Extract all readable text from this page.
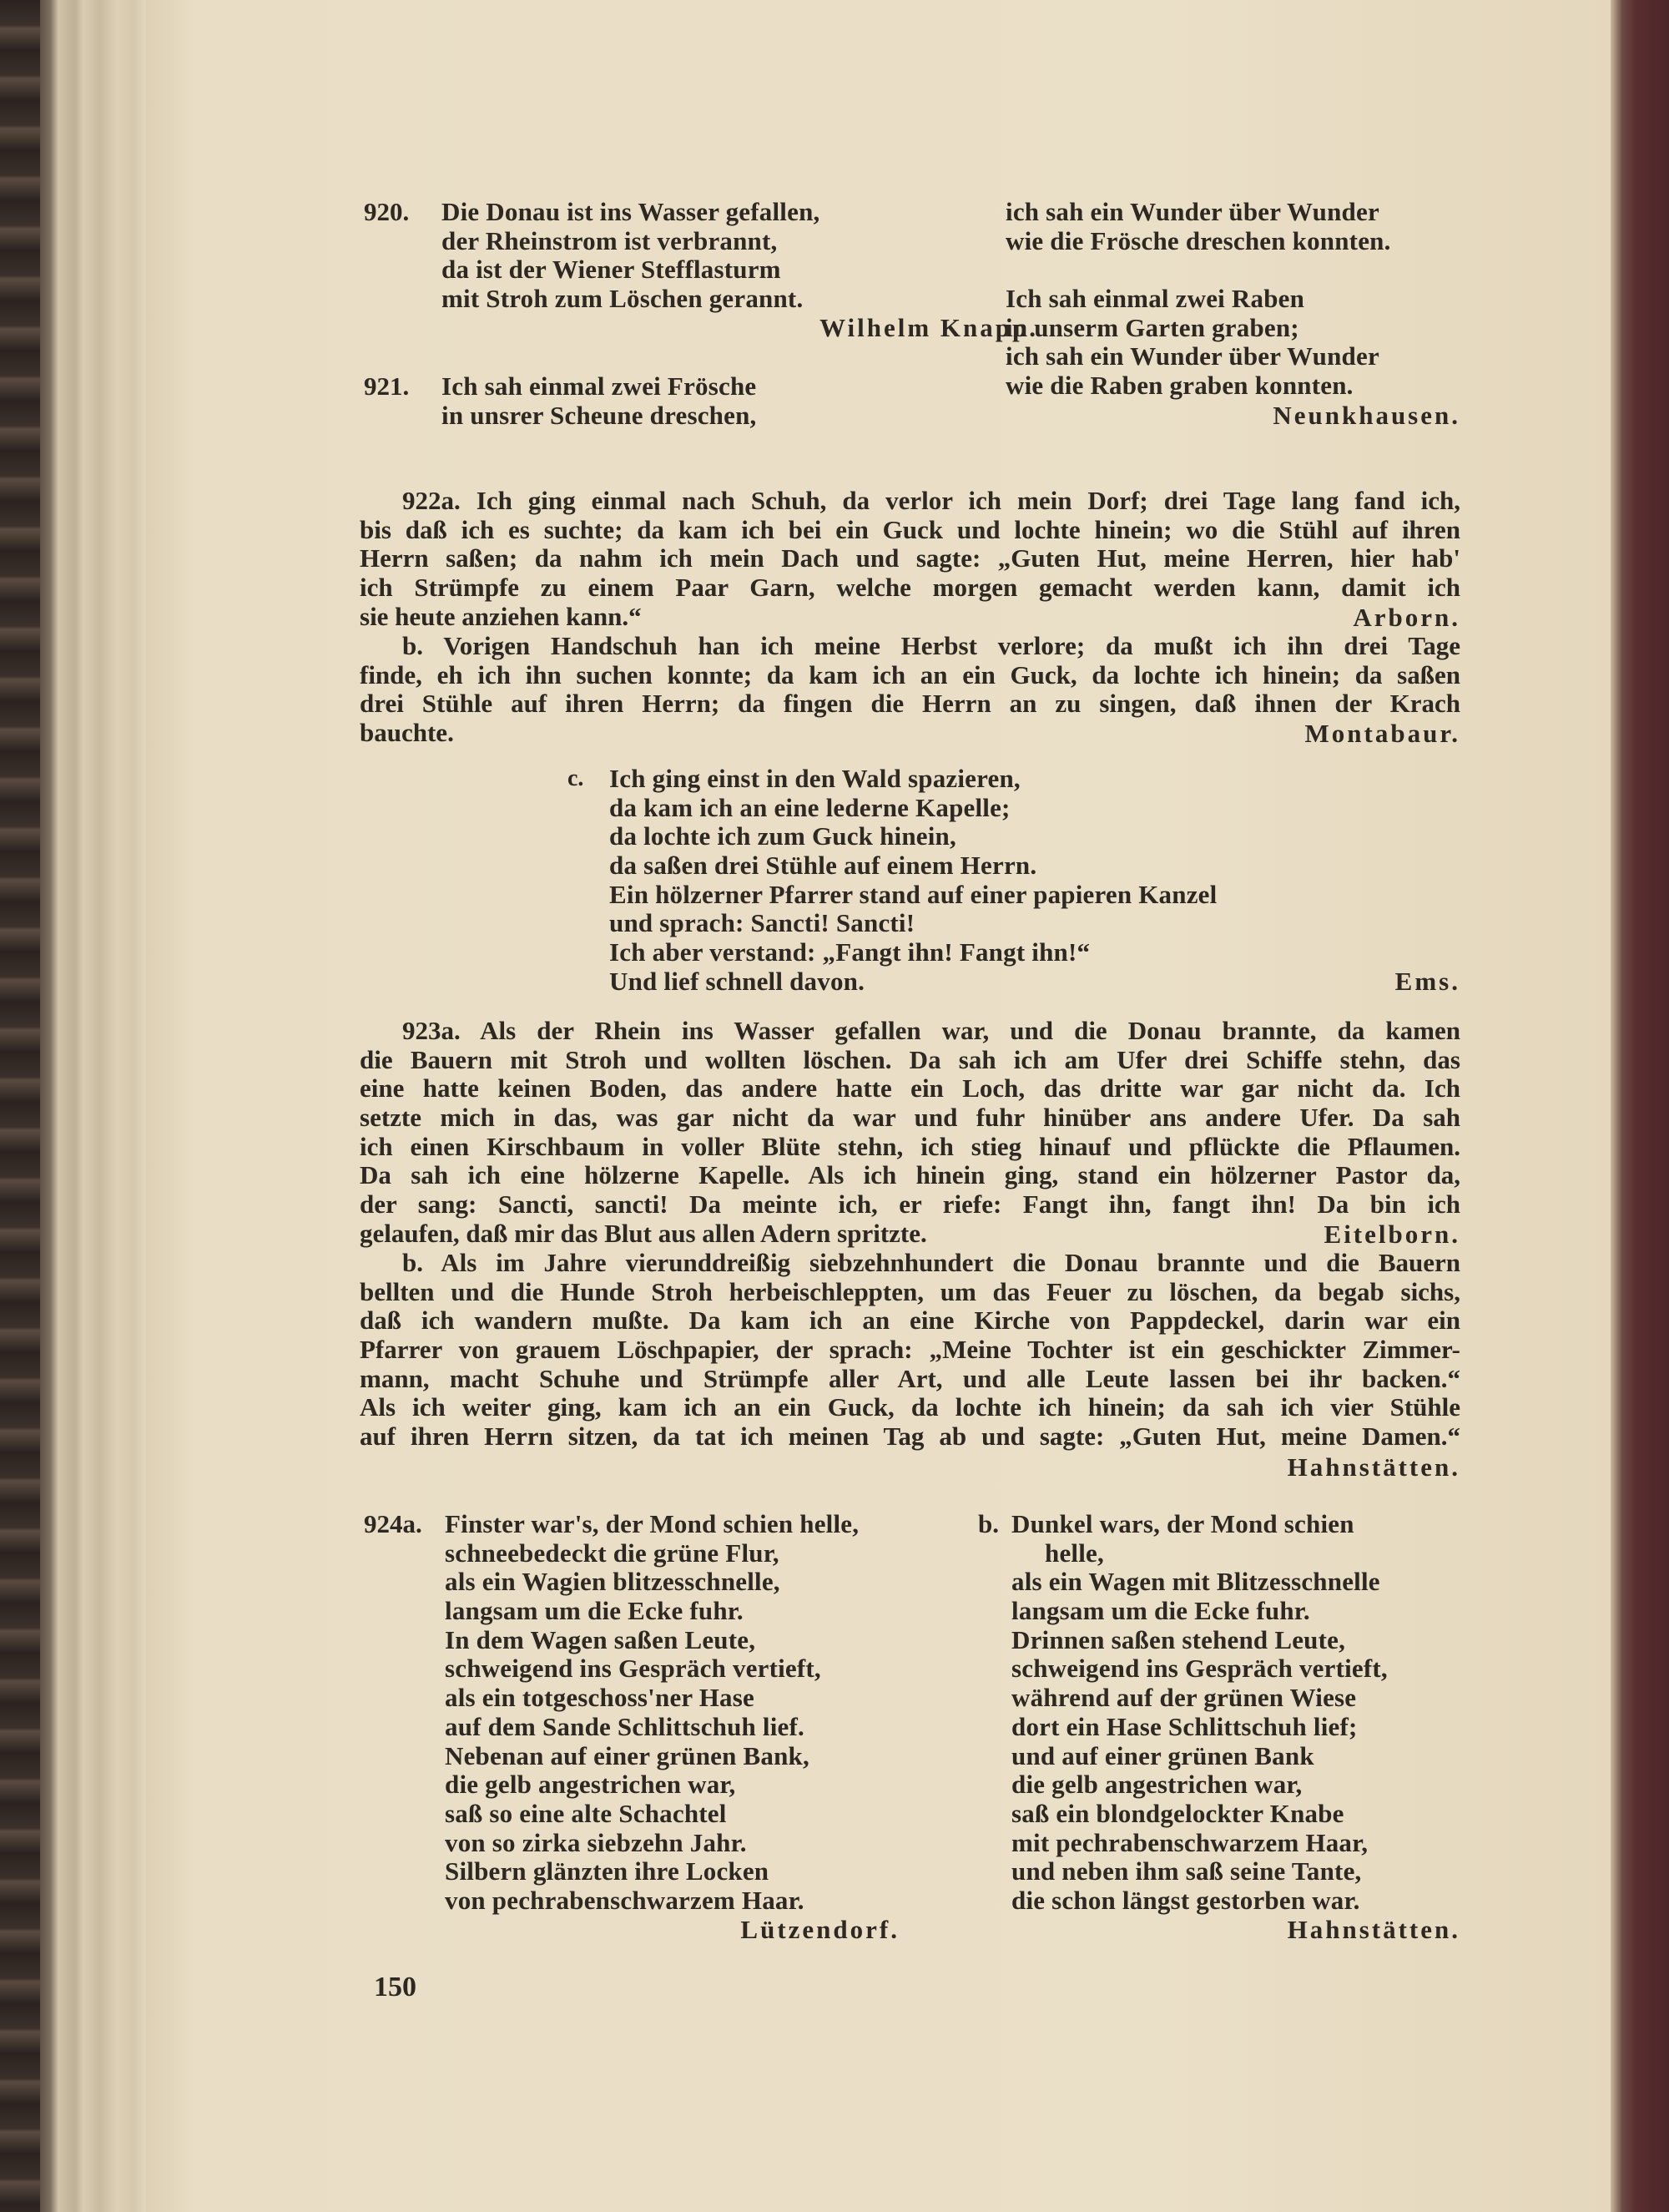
920. Die Donau ist ins Wasser gefallen,
der Rheinstrom ist verbrannt,
da ist der Wiener Stefflasturm
mit Stroh zum Löschen gerannt.
Wilhelm Knapp.
921. Ich sah einmal zwei Frösche
in unsrer Scheune dreschen,
ich sah ein Wunder über Wunder
wie die Frösche dreschen konnten.

Ich sah einmal zwei Raben
in unserm Garten graben;
ich sah ein Wunder über Wunder
wie die Raben graben konnten.
Neunkhausen.
922a. Ich ging einmal nach Schuh, da verlor ich mein Dorf; drei Tage lang fand ich,
bis daß ich es suchte; da kam ich bei ein Guck und lochte hinein; wo die Stühl auf ihren
Herrn saßen; da nahm ich mein Dach und sagte: „Guten Hut, meine Herren, hier hab'
ich Strümpfe zu einem Paar Garn, welche morgen gemacht werden kann, damit ich
sie heute anziehen kann.“	Arborn.
b. Vorigen Handschuh han ich meine Herbst verlore; da mußt ich ihn drei Tage
finde, eh ich ihn suchen konnte; da kam ich an ein Guck, da lochte ich hinein; da saßen
drei Stühle auf ihren Herrn; da fingen die Herrn an zu singen, daß ihnen der Krach
bauchte.	Montabaur.
c. Ich ging einst in den Wald spazieren,
da kam ich an eine lederne Kapelle;
da lochte ich zum Guck hinein,
da saßen drei Stühle auf einem Herrn.
Ein hölzerner Pfarrer stand auf einer papieren Kanzel
und sprach: Sancti! Sancti!
Ich aber verstand: „Fangt ihn! Fangt ihn!“
Und lief schnell davon.	Ems.
923a. Als der Rhein ins Wasser gefallen war, und die Donau brannte, da kamen
die Bauern mit Stroh und wollten löschen. Da sah ich am Ufer drei Schiffe stehn, das
eine hatte keinen Boden, das andere hatte ein Loch, das dritte war gar nicht da. Ich
setzte mich in das, was gar nicht da war und fuhr hinüber ans andere Ufer. Da sah
ich einen Kirschbaum in voller Blüte stehn, ich stieg hinauf und pflückte die Pflaumen.
Da sah ich eine hölzerne Kapelle. Als ich hinein ging, stand ein hölzerner Pastor da,
der sang: Sancti, sancti! Da meinte ich, er riefe: Fangt ihn, fangt ihn! Da bin ich
gelaufen, daß mir das Blut aus allen Adern spritzte.	Eitelborn.
b. Als im Jahre vierunddreißig siebzehnhundert die Donau brannte und die Bauern
bellten und die Hunde Stroh herbeischleppten, um das Feuer zu löschen, da begab sichs,
daß ich wandern mußte. Da kam ich an eine Kirche von Pappdeckel, darin war ein
Pfarrer von grauem Löschpapier, der sprach: „Meine Tochter ist ein geschickter Zimmer-
mann, macht Schuhe und Strümpfe aller Art, und alle Leute lassen bei ihr backen.“
Als ich weiter ging, kam ich an ein Guck, da lochte ich hinein; da sah ich vier Stühle
auf ihren Herrn sitzen, da tat ich meinen Tag ab und sagte: „Guten Hut, meine Damen.“
Hahnstätten.
924a. Finster war's, der Mond schien helle,
schneebedeckt die grüne Flur,
als ein Wagien blitzesschnelle,
langsam um die Ecke fuhr.
In dem Wagen saßen Leute,
schweigend ins Gespräch vertieft,
als ein totgeschoss'ner Hase
auf dem Sande Schlittschuh lief.
Nebenan auf einer grünen Bank,
die gelb angestrichen war,
saß so eine alte Schachtel
von so zirka siebzehn Jahr.
Silbern glänzten ihre Locken
von pechrabenschwarzem Haar.
Lützendorf.
b. Dunkel wars, der Mond schien
helle,
als ein Wagen mit Blitzesschnelle
langsam um die Ecke fuhr.
Drinnen saßen stehend Leute,
schweigend ins Gespräch vertieft,
während auf der grünen Wiese
dort ein Hase Schlittschuh lief;
und auf einer grünen Bank
die gelb angestrichen war,
saß ein blondgelockter Knabe
mit pechrabenschwarzem Haar,
und neben ihm saß seine Tante,
die schon längst gestorben war.
Hahnstätten.
150
